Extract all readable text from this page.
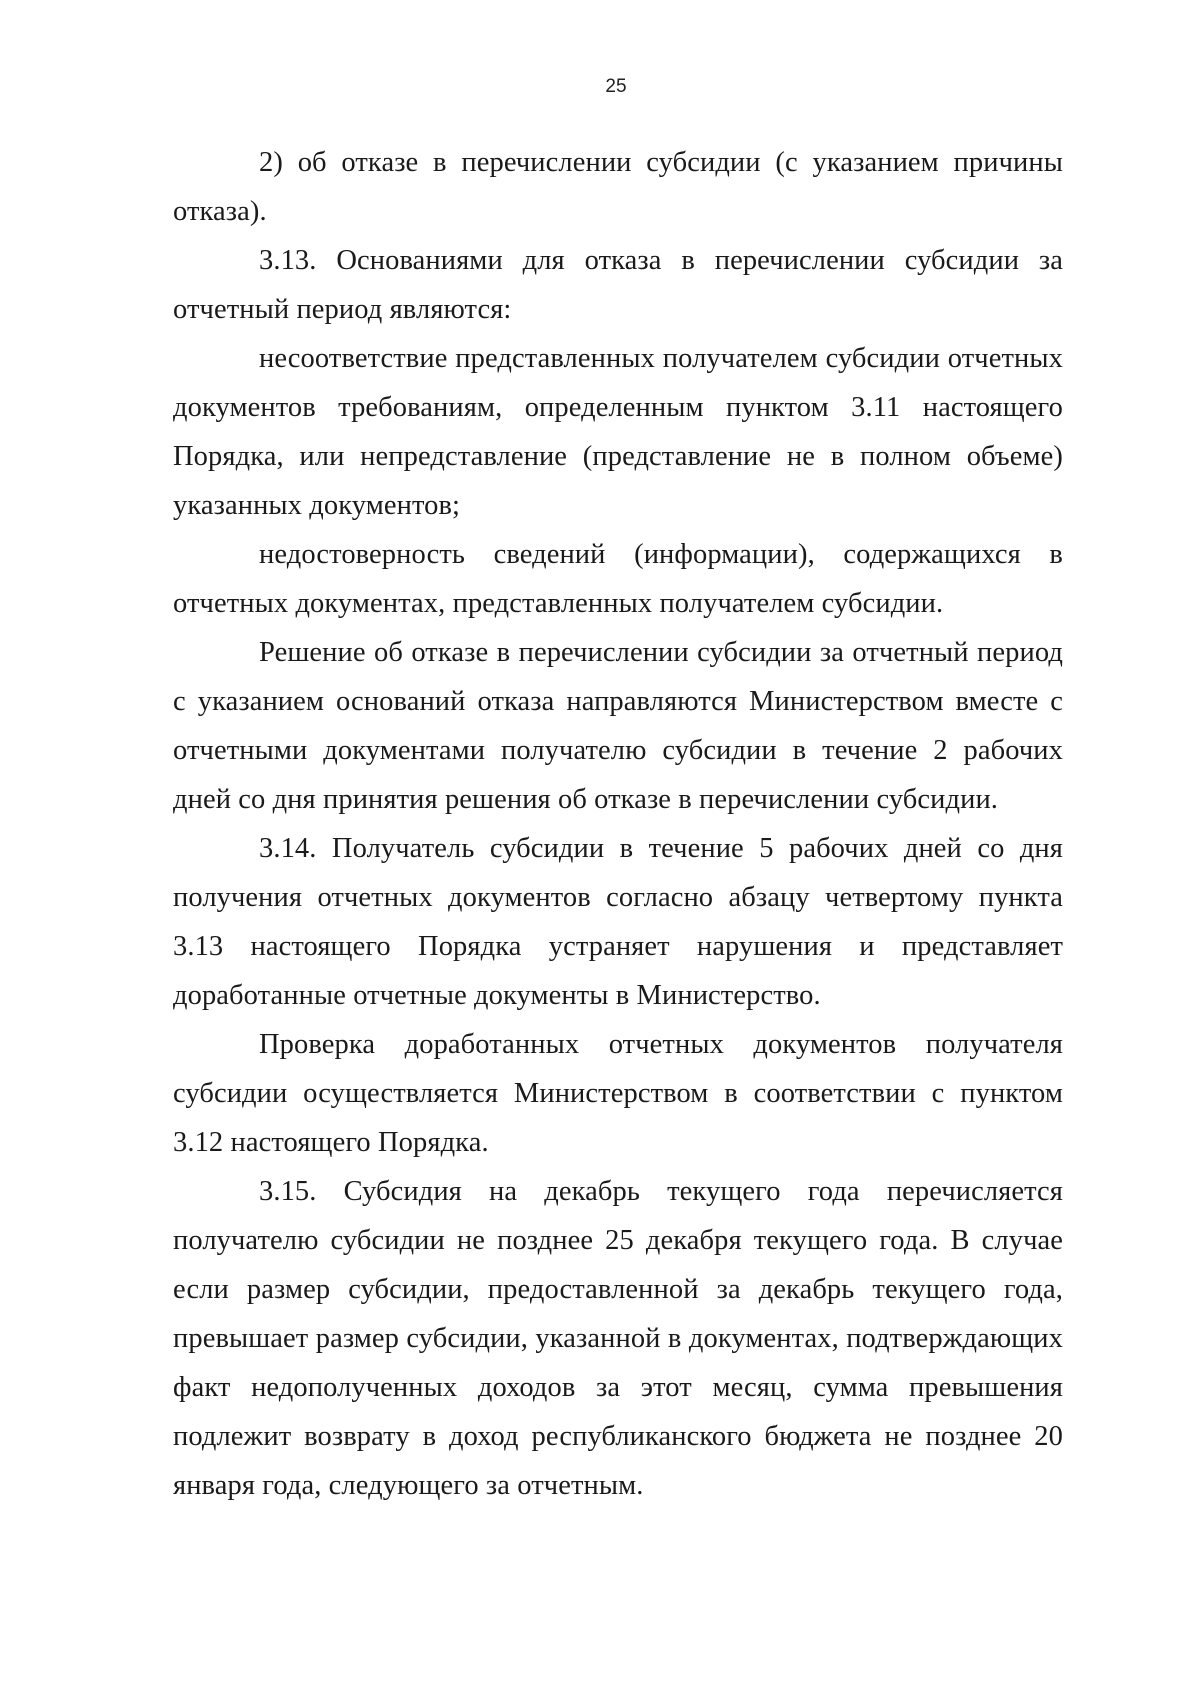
25

2) об отказе в перечислении субсидии (с указанием причины отказа).

3.13. Основаниями для отказа в перечислении субсидии за отчетный период являются:

несоответствие представленных получателем субсидии отчетных документов требованиям, определенным пунктом 3.11 настоящего Порядка, или непредставление (представление не в полном объеме) указанных документов;

недостоверность сведений (информации), содержащихся в отчетных документах, представленных получателем субсидии.

Решение об отказе в перечислении субсидии за отчетный период с указанием оснований отказа направляются Министерством вместе с отчетными документами получателю субсидии в течение 2 рабочих дней со дня принятия решения об отказе в перечислении субсидии.

3.14. Получатель субсидии в течение 5 рабочих дней со дня получения отчетных документов согласно абзацу четвертому пункта 3.13 настоящего Порядка устраняет нарушения и представляет доработанные отчетные документы в Министерство.

Проверка доработанных отчетных документов получателя субсидии осуществляется Министерством в соответствии с пунктом 3.12 настоящего Порядка.

3.15. Субсидия на декабрь текущего года перечисляется получателю субсидии не позднее 25 декабря текущего года. В случае если размер субсидии, предоставленной за декабрь текущего года, превышает размер субсидии, указанной в документах, подтверждающих факт недополученных доходов за этот месяц, сумма превышения подлежит возврату в доход республиканского бюджета не позднее 20 января года, следующего за отчетным.
